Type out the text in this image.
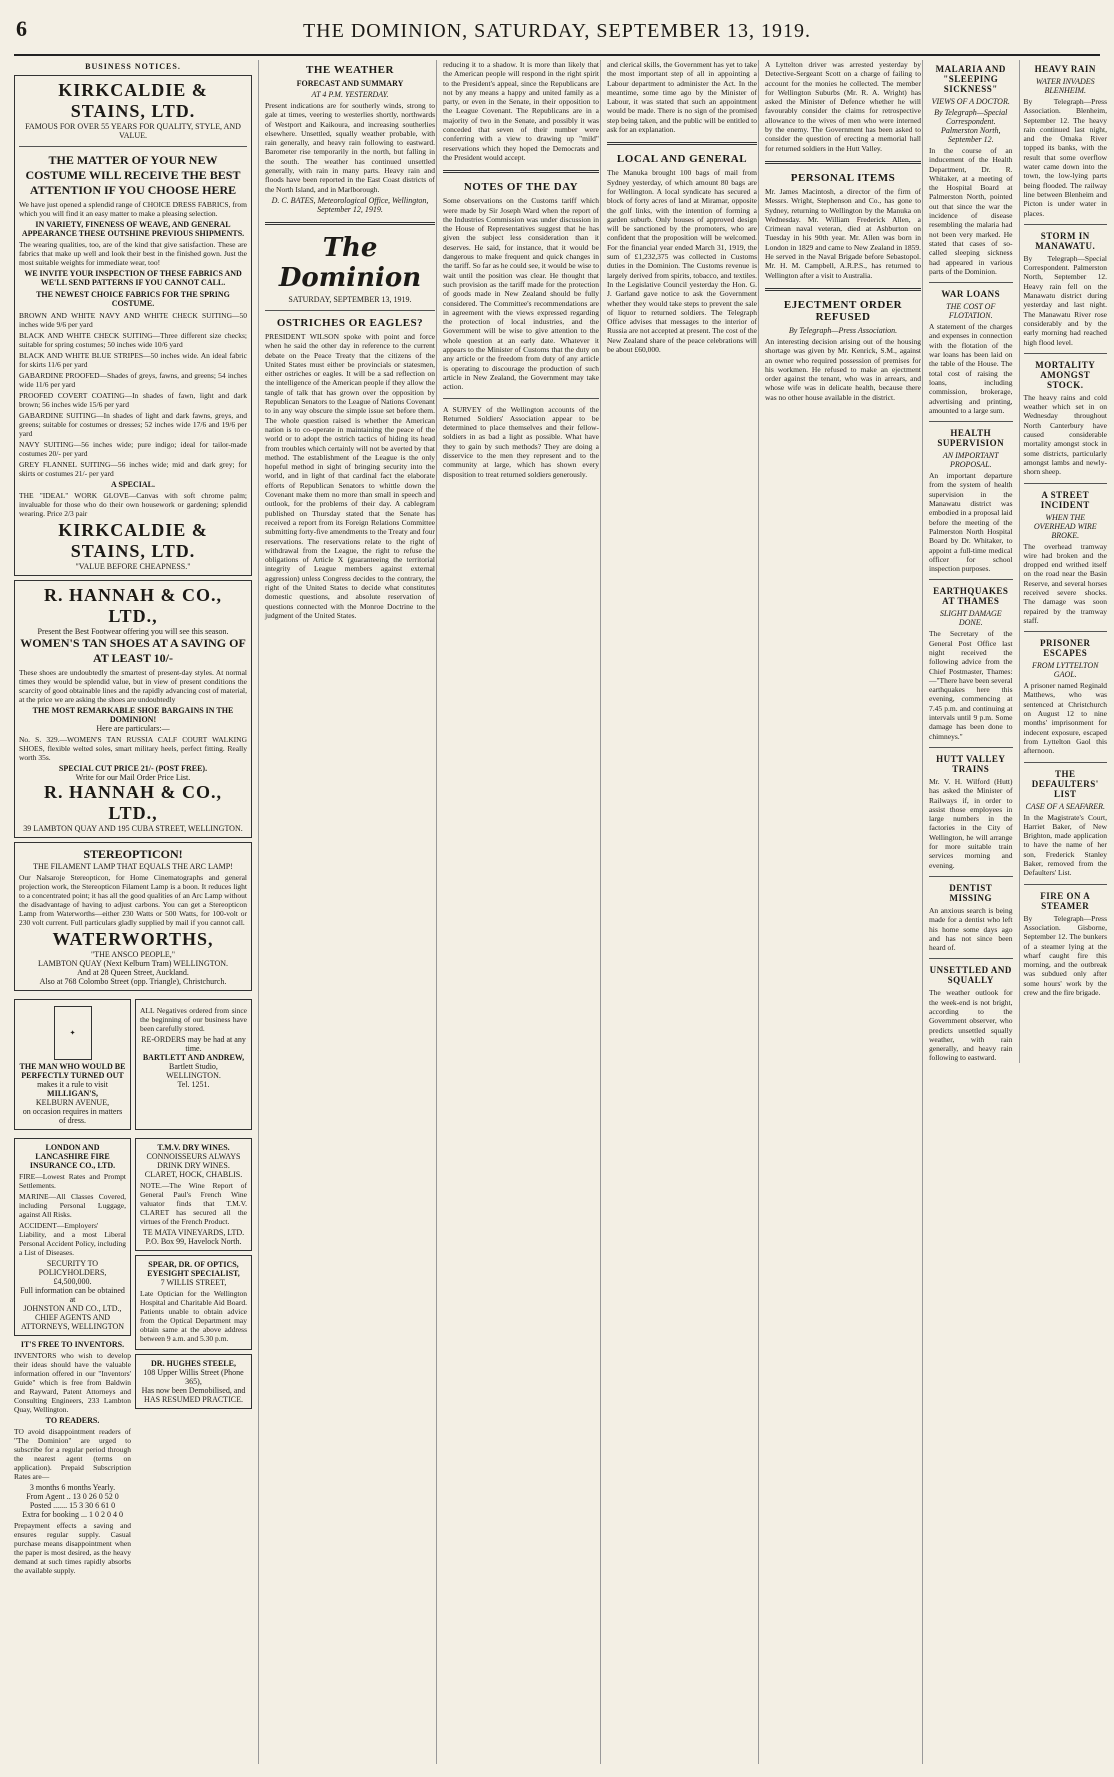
6	THE DOMINION, SATURDAY, SEPTEMBER 13, 1919.
BUSINESS NOTICES.
KIRKCALDIE & STAINS, LTD.
FAMOUS FOR OVER 55 YEARS FOR QUALITY, STYLE, AND VALUE.
THE MATTER OF YOUR NEW COSTUME WILL RECEIVE THE BEST ATTENTION IF YOU CHOOSE HERE

We have just opened a splendid range of CHOICE DRESS FABRICS, from which you will find it an easy matter to make a pleasing selection.

IN VARIETY, FINENESS OF WEAVE, AND GENERAL APPEARANCE THESE OUTSHINE PREVIOUS SHIPMENTS.

The wearing qualities, too, are of the kind that give satisfaction. These are fabrics that make up well and look their best in the finished gown. Just the most suitable weights for immediate wear, too!

WE INVITE YOUR INSPECTION OF THESE FABRICS AND WE'LL SEND PATTERNS IF YOU CANNOT CALL.
THE NEWEST CHOICE FABRICS FOR THE SPRING COSTUME.

BROWN AND WHITE NAVY AND WHITE CHECK SUITING—50 inches wide 9/6 per yard

BLACK AND WHITE CHECK SUITING—Three different size checks; suitable for spring costumes; 50 inches wide 10/6 yard

BLACK AND WHITE BLUE STRIPES—50 inches wide. An ideal fabric for skirts 11/6 per yard

GABARDINE PROOFED—Shades of greys, fawns, and greens; 54 inches wide 11/6 per yard

PROOFED COVERT COATING—In shades of fawn, light and dark brown; 56 inches wide 15/6 per yard

GABARDINE SUITING—In shades of light and dark fawns, greys, and greens; suitable for costumes or dresses; 52 inches wide 17/6 and 19/6 per yard

NAVY SUITING—56 inches wide; pure indigo; ideal for tailor-made costumes 20/- per yard

GREY FLANNEL SUITING—56 inches wide; mid and dark grey; for skirts or costumes 21/- per yard

A SPECIAL.

THE "IDEAL" WORK GLOVE—Canvas with soft chrome palm; invaluable for those who do their own housework or gardening; splendid wearing. Price 2/3 pair

KIRKCALDIE & STAINS, LTD.
"VALUE BEFORE CHEAPNESS."
R. HANNAH & CO., LTD.,
Present the Best Footwear offering you will see this season.
WOMEN'S TAN SHOES AT A SAVING OF AT LEAST 10/-

These shoes are undoubtedly the smartest of present-day styles. At normal times they would be splendid value, but in view of present conditions the scarcity of good obtainable lines and the rapidly advancing cost of material, at the price we are asking the shoes are undoubtedly

THE MOST REMARKABLE SHOE BARGAINS IN THE DOMINION!
Here are particulars:—

No. S. 329.—WOMEN'S TAN RUSSIA CALF COURT WALKING SHOES, flexible welted soles, smart military heels, perfect fitting. Really worth 35s.

SPECIAL CUT PRICE 21/- (POST FREE).
Write for our Mail Order Price List.
R. HANNAH & CO., LTD.,
39 LAMBTON QUAY AND 195 CUBA STREET, WELLINGTON.
STEREOPTICON!
THE FILAMENT LAMP THAT EQUALS THE ARC LAMP!

Our Nalsaroje Stereopticon, for Home Cinematographs and general projection work, the Stereopticon Filament Lamp is a boon. It reduces light to a concentrated point; it has all the good qualities of an Arc Lamp without the disadvantage of having to adjust carbons. You can get a Stereopticon Lamp from Waterworths—either 230 Watts or 500 Watts, for 100-volt or 230 volt current. Full particulars gladly supplied by mail if you cannot call.

WATERWORTHS,
"THE ANSCO PEOPLE,"
LAMBTON QUAY (Next Kelburn Tram) WELLINGTON.
And at 28 Queen Street, Auckland.
Also at 768 Colombo Street (opp. Triangle), Christchurch.
✦
THE MAN WHO WOULD BE PERFECTLY TURNED OUT
makes it a rule to visit
MILLIGAN'S,
KELBURN AVENUE,
on occasion requires in matters of dress.

ALL Negatives ordered from since the beginning of our business have been carefully stored.

RE-ORDERS may be had at any time.
BARTLETT AND ANDREW,
Bartlett Studio,
WELLINGTON.
Tel. 1251.
LONDON AND LANCASHIRE FIRE INSURANCE CO., LTD.

FIRE—Lowest Rates and Prompt Settlements.

MARINE—All Classes Covered, including Personal Luggage, against All Risks.

ACCIDENT—Employers' Liability, and a most Liberal Personal Accident Policy, including a List of Diseases.

SECURITY TO POLICYHOLDERS, £4,500,000.
Full information can be obtained at
JOHNSTON AND CO., LTD.,
CHIEF AGENTS AND ATTORNEYS, WELLINGTON
IT'S FREE TO INVENTORS.

INVENTORS who wish to develop their ideas should have the valuable information offered in our "Inventors' Guide" which is free from Baldwin and Rayward, Patent Attorneys and Consulting Engineers, 233 Lambton Quay, Wellington.

TO READERS.

TO avoid disappointment readers of "The Dominion" are urged to subscribe for a regular period through the nearest agent (terms on application). Prepaid Subscription Rates are—

3 months 6 months Yearly.
From Agent .. 13 0 26 0 52 0
Posted ....... 15 3 30 6 61 0
Extra for booking ... 1 0 2 0 4 0

Prepayment effects a saving and ensures regular supply. Casual purchase means disappointment when the paper is most desired, as the heavy demand at such times rapidly absorbs the available supply.

T.M.V. DRY WINES.
CONNOISSEURS ALWAYS DRINK DRY WINES.
CLARET, HOCK, CHABLIS.

NOTE.—The Wine Report of General Paul's French Wine valuator finds that T.M.V. CLARET has secured all the virtues of the French Product.

TE MATA VINEYARDS, LTD.
P.O. Box 99, Havelock North.
SPEAR, DR. OF OPTICS, EYESIGHT SPECIALIST,
7 WILLIS STREET,

Late Optician for the Wellington Hospital and Charitable Aid Board. Patients unable to obtain advice from the Optical Department may obtain same at the above address between 9 a.m. and 5.30 p.m.

DR. HUGHES STEELE,
108 Upper Willis Street (Phone 365),
Has now been Demobilised, and HAS RESUMED PRACTICE.
THE WEATHER
FORECAST AND SUMMARY
AT 4 P.M. YESTERDAY.
Present indications are for southerly winds, strong to gale at times, veering to westerlies shortly, northwards of Westport and Kaikoura, and increasing southerlies elsewhere. Unsettled, squally weather probable, with rain generally, and heavy rain following to eastward. Barometer rise temporarily in the north, but falling in the south. The weather has continued unsettled generally, with rain in many parts. Heavy rain and floods have been reported in the East Coast districts of the North Island, and in Marlborough.
D. C. BATES, Meteorological Office, Wellington, September 12, 1919.
The Dominion
SATURDAY, SEPTEMBER 13, 1919.
OSTRICHES OR EAGLES?
PRESIDENT WILSON spoke with point and force when he said the other day in reference to the current debate on the Peace Treaty that the citizens of the United States must either be provincials or statesmen, either ostriches or eagles. It will be a sad reflection on the intelligence of the American people if they allow the tangle of talk that has grown over the opposition by Republican Senators to the League of Nations Covenant to in any way obscure the simple issue set before them. The whole question raised is whether the American nation is to co-operate in maintaining the peace of the world or to adopt the ostrich tactics of hiding its head from troubles which certainly will not be averted by that method. The establishment of the League is the only hopeful method in sight of bringing security into the world, and in light of that cardinal fact the elaborate efforts of Republican Senators to whittle down the Covenant make them no more than small in speech and outlook, for the problems of their day. A cablegram published on Thursday stated that the Senate has received a report from its Foreign Relations Committee submitting forty-five amendments to the Treaty and four reservations. The reservations relate to the right of withdrawal from the League, the right to refuse the obligations of Article X (guaranteeing the territorial integrity of League members against external aggression) unless Congress decides to the contrary, the right of the United States to decide what constitutes domestic questions, and absolute reservation of questions connected with the Monroe Doctrine to the judgment of the United States.
reducing it to a shadow. It is more than likely that the American people will respond in the right spirit to the President's appeal, since the Republicans are not by any means a happy and united family as a party, or even in the Senate, in their opposition to the League Covenant. The Republicans are in a majority of two in the Senate, and possibly it was conceded that seven of their number were conferring with a view to drawing up "mild" reservations which they hoped the Democrats and the President would accept.
NOTES OF THE DAY
Some observations on the Customs tariff which were made by Sir Joseph Ward when the report of the Industries Commission was under discussion in the House of Representatives suggest that he has given the subject less consideration than it deserves. He said, for instance, that it would be dangerous to make frequent and quick changes in the tariff. So far as he could see, it would be wise to wait until the position was clear. He thought that such provision as the tariff made for the protection of goods made in New Zealand should be fully considered. The Committee's recommendations are in agreement with the views expressed regarding the protection of local industries, and the Government will be wise to give attention to the whole question at an early date. Whatever it appears to the Minister of Customs that the duty on any article or the freedom from duty of any article is operating to discourage the production of such article in New Zealand, the Government may take action.
A SURVEY of the Wellington accounts of the Returned Soldiers' Association appear to be determined to place themselves and their fellow-soldiers in as bad a light as possible. What have they to gain by such methods? They are doing a disservice to the men they represent and to the community at large, which has shown every disposition to treat returned soldiers generously.
and clerical skills, the Government has yet to take the most important step of all in appointing a Labour department to administer the Act. In the meantime, some time ago by the Minister of Labour, it was stated that such an appointment would be made. There is no sign of the promised step being taken, and the public will be entitled to ask for an explanation.
LOCAL AND GENERAL
The Manuka brought 100 bags of mail from Sydney yesterday, of which amount 80 bags are for Wellington. A local syndicate has secured a block of forty acres of land at Miramar, opposite the golf links, with the intention of forming a garden suburb. Only houses of approved design will be sanctioned by the promoters, who are confident that the proposition will be welcomed. For the financial year ended March 31, 1919, the sum of £1,232,375 was collected in Customs duties in the Dominion. The Customs revenue is largely derived from spirits, tobacco, and textiles. In the Legislative Council yesterday the Hon. G. J. Garland gave notice to ask the Government whether they would take steps to prevent the sale of liquor to returned soldiers. The Telegraph Office advises that messages to the interior of Russia are not accepted at present. The cost of the New Zealand share of the peace celebrations will be about £60,000.
A Lyttelton driver was arrested yesterday by Detective-Sergeant Scott on a charge of failing to account for the monies he collected. The member for Wellington Suburbs (Mr. R. A. Wright) has asked the Minister of Defence whether he will favourably consider the claims for retrospective allowance to the wives of men who were interned by the enemy. The Government has been asked to consider the question of erecting a memorial hall for returned soldiers in the Hutt Valley.
PERSONAL ITEMS
Mr. James Macintosh, a director of the firm of Messrs. Wright, Stephenson and Co., has gone to Sydney, returning to Wellington by the Manuka on Wednesday. Mr. William Frederick Allen, a Crimean naval veteran, died at Ashburton on Tuesday in his 90th year. Mr. Allen was born in London in 1829 and came to New Zealand in 1859. He served in the Naval Brigade before Sebastopol. Mr. H. M. Campbell, A.R.P.S., has returned to Wellington after a visit to Australia.
EJECTMENT ORDER REFUSED
By Telegraph—Press Association.
An interesting decision arising out of the housing shortage was given by Mr. Kenrick, S.M., against an owner who required possession of premises for his workmen. He refused to make an ejectment order against the tenant, who was in arrears, and whose wife was in delicate health, because there was no other house available in the district.
MALARIA AND "SLEEPING SICKNESS"
VIEWS OF A DOCTOR.
By Telegraph—Special Correspondent. Palmerston North, September 12.
In the course of an inducement of the Health Department, Dr. R. Whitaker, at a meeting of the Hospital Board at Palmerston North, pointed out that since the war the incidence of disease resembling the malaria had not been very marked. He stated that cases of so-called sleeping sickness had appeared in various parts of the Dominion.
WAR LOANS
THE COST OF FLOTATION.
A statement of the charges and expenses in connection with the flotation of the war loans has been laid on the table of the House. The total cost of raising the loans, including commission, brokerage, advertising and printing, amounted to a large sum.
HEALTH SUPERVISION
AN IMPORTANT PROPOSAL.
An important departure from the system of health supervision in the Manawatu district was embodied in a proposal laid before the meeting of the Palmerston North Hospital Board by Dr. Whitaker, to appoint a full-time medical officer for school inspection purposes.
EARTHQUAKES AT THAMES
SLIGHT DAMAGE DONE.
The Secretary of the General Post Office last night received the following advice from the Chief Postmaster, Thames:—"There have been several earthquakes here this evening, commencing at 7.45 p.m. and continuing at intervals until 9 p.m. Some damage has been done to chimneys."
HUTT VALLEY TRAINS
Mr. V. H. Wilford (Hutt) has asked the Minister of Railways if, in order to assist those employees in large numbers in the factories in the City of Wellington, he will arrange for more suitable train services morning and evening.
DENTIST MISSING
An anxious search is being made for a dentist who left his home some days ago and has not since been heard of.
UNSETTLED AND SQUALLY
The weather outlook for the week-end is not bright, according to the Government observer, who predicts unsettled squally weather, with rain generally, and heavy rain following to eastward.
HEAVY RAIN
WATER INVADES BLENHEIM.
By Telegraph—Press Association. Blenheim, September 12. The heavy rain continued last night, and the Omaka River topped its banks, with the result that some overflow water came down into the town, the low-lying parts being flooded. The railway line between Blenheim and Picton is under water in places.
STORM IN MANAWATU.
By Telegraph—Special Correspondent. Palmerston North, September 12. Heavy rain fell on the Manawatu district during yesterday and last night. The Manawatu River rose considerably and by the early morning had reached high flood level.
MORTALITY AMONGST STOCK.
The heavy rains and cold weather which set in on Wednesday throughout North Canterbury have caused considerable mortality amongst stock in some districts, particularly amongst lambs and newly-shorn sheep.
A STREET INCIDENT
WHEN THE OVERHEAD WIRE BROKE.
The overhead tramway wire had broken and the dropped end writhed itself on the road near the Basin Reserve, and several horses received severe shocks. The damage was soon repaired by the tramway staff.
PRISONER ESCAPES
FROM LYTTELTON GAOL.
A prisoner named Reginald Matthews, who was sentenced at Christchurch on August 12 to nine months' imprisonment for indecent exposure, escaped from Lyttelton Gaol this afternoon.
THE DEFAULTERS' LIST
CASE OF A SEAFARER.
In the Magistrate's Court, Harriet Baker, of New Brighton, made application to have the name of her son, Frederick Stanley Baker, removed from the Defaulters' List.
FIRE ON A STEAMER
By Telegraph—Press Association. Gisborne, September 12. The bunkers of a steamer lying at the wharf caught fire this morning, and the outbreak was subdued only after some hours' work by the crew and the fire brigade.
